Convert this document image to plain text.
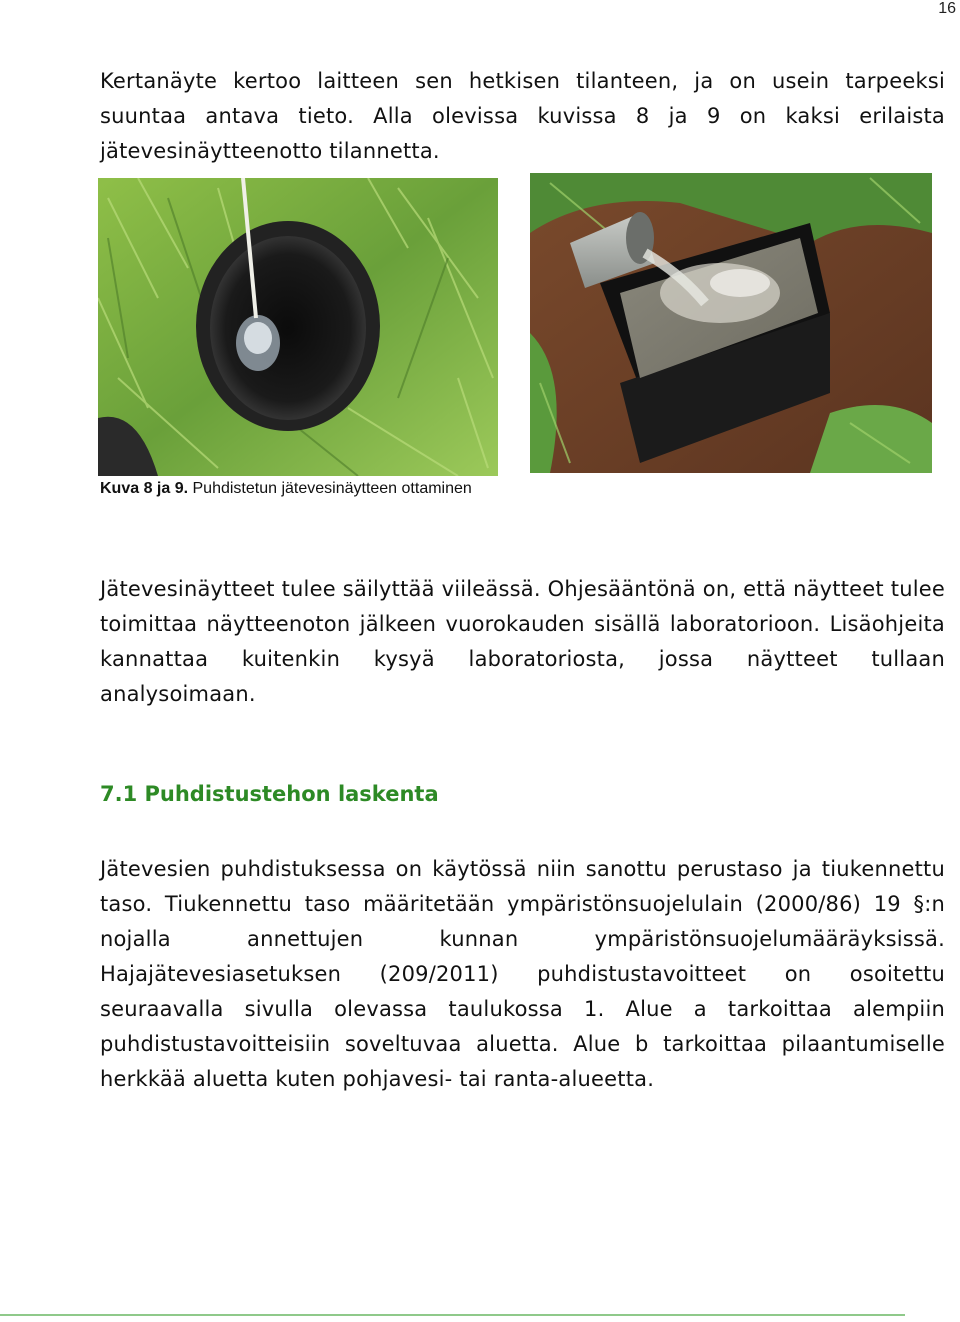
16

Kertanäyte kertoo laitteen sen hetkisen tilanteen, ja on usein tarpeeksi suuntaa antava tieto. Alla olevissa kuvissa 8 ja 9 on kaksi erilaista jätevesinäytteenotto tilannetta.

Kuva 8 ja 9. Puhdistetun jätevesinäytteen ottaminen

Jätevesinäytteet tulee säilyttää viileässä. Ohjesääntönä on, että näytteet tulee toimittaa näytteenoton jälkeen vuorokauden sisällä laboratorioon. Lisäohjeita kannattaa kuitenkin kysyä laboratoriosta, jossa näytteet tullaan analysoimaan.

7.1 Puhdistustehon laskenta

Jätevesien puhdistuksessa on käytössä niin sanottu perustaso ja tiukennettu taso. Tiukennettu taso määritetään ympäristönsuojelulain (2000/86) 19 §:n nojalla annettujen kunnan ympäristönsuojelumääräyksissä. Hajajätevesiasetuksen (209/2011) puhdistustavoitteet on osoitettu seuraavalla sivulla olevassa taulukossa 1. Alue a tarkoittaa alempiin puhdistustavoitteisiin soveltuvaa aluetta. Alue b tarkoittaa pilaantumiselle herkkää aluetta kuten pohjavesi- tai ranta-alueetta.
